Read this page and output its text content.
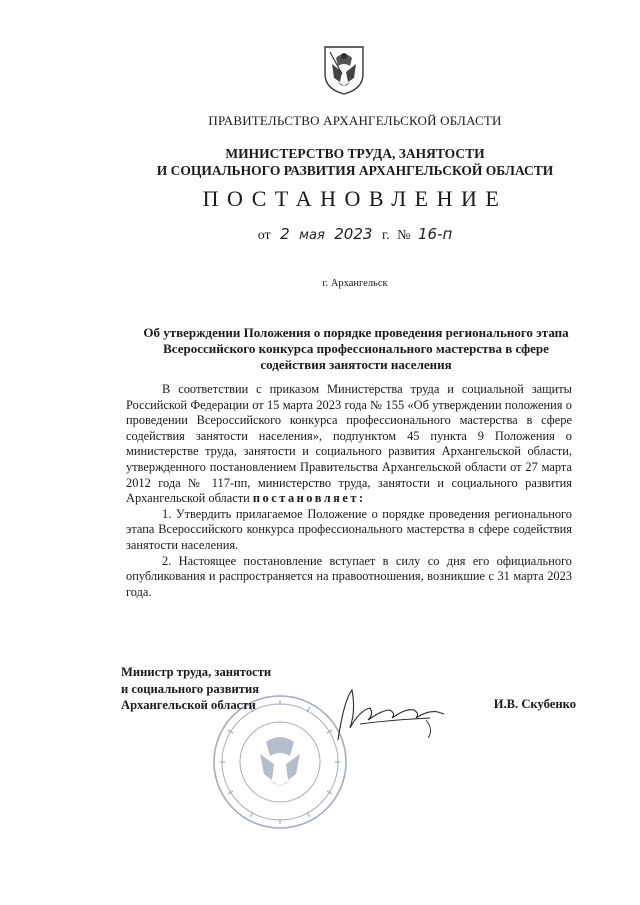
ПРАВИТЕЛЬСТВО АРХАНГЕЛЬСКОЙ ОБЛАСТИ
МИНИСТЕРСТВО ТРУДА, ЗАНЯТОСТИ
И СОЦИАЛЬНОГО РАЗВИТИЯ АРХАНГЕЛЬСКОЙ ОБЛАСТИ
ПОСТАНОВЛЕНИЕ
от 2 мая 2023 г. № 16-п
г. Архангельск
Об утверждении Положения о порядке проведения регионального этапа
Всероссийского конкурса профессионального мастерства в сфере
содействия занятости населения

В соответствии с приказом Министерства труда и социальной защиты Российской Федерации от 15 марта 2023 года № 155 «Об утверждении положения о проведении Всероссийского конкурса профессионального мастерства в сфере содействия занятости населения», подпунктом 45 пункта 9 Положения о министерстве труда, занятости и социального развития Архангельской области, утвержденного постановлением Правительства Архангельской области от 27 марта 2012 года № 117-пп, министерство труда, занятости и социального развития Архангельской области постановляет:

1. Утвердить прилагаемое Положение о порядке проведения регионального этапа Всероссийского конкурса профессионального мастерства в сфере содействия занятости населения.

2. Настоящее постановление вступает в силу со дня его официального опубликования и распространяется на правоотношения, возникшие с 31 марта 2023 года.

Министр труда, занятости
и социального развития
Архангельской области	И.В. Скубенко
